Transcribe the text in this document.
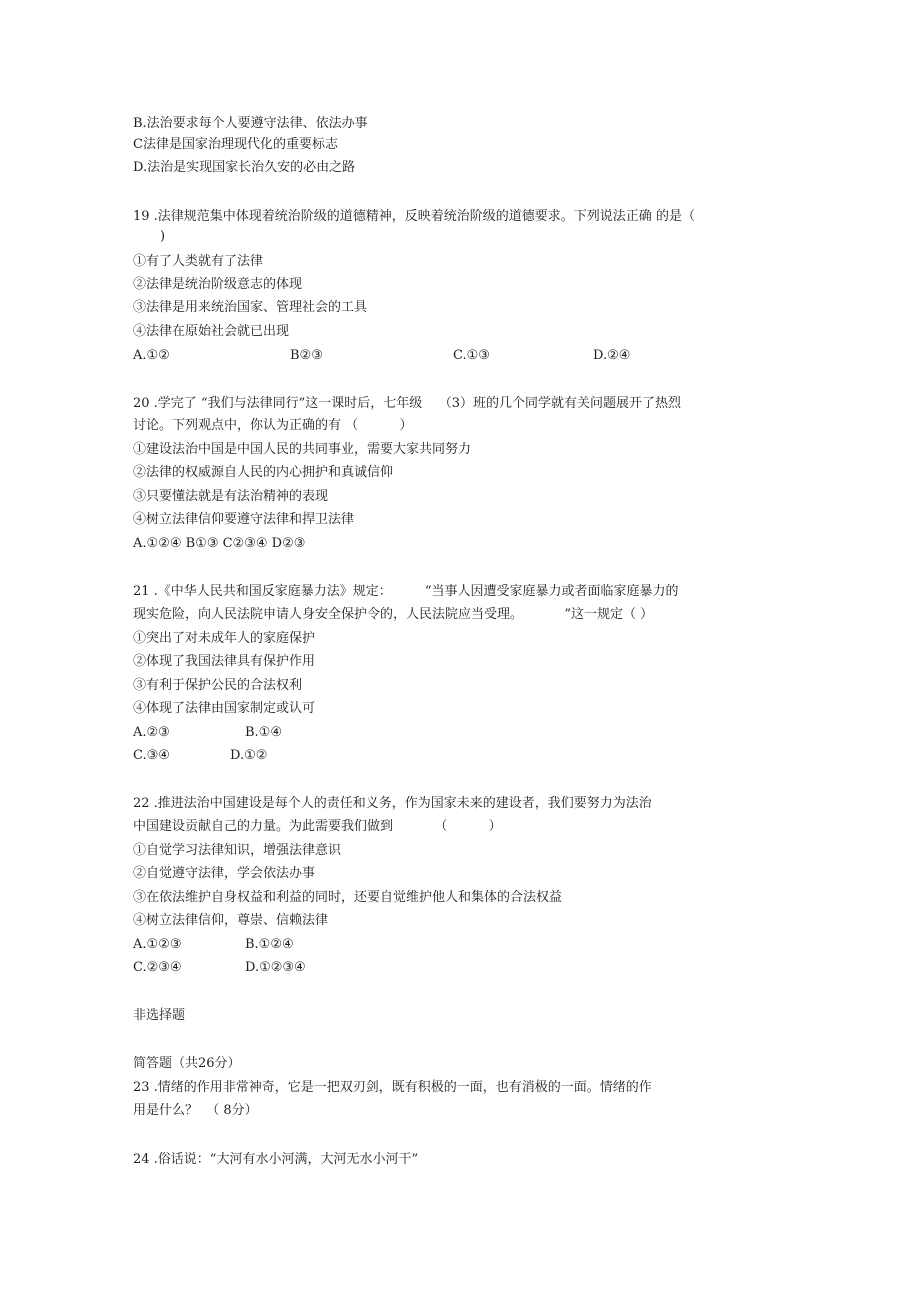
B.法治要求每个人要遵守法律、依法办事
C法律是国家治理现代化的重要标志
D.法治是实现国家长治久安的必由之路
19 .法律规范集中体现着统治阶级的道德精神，反映着统治阶级的道德要求。下列说法正确 的是（
)
①有了人类就有了法律
②法律是统治阶级意志的体现
③法律是用来统治国家、管理社会的工具
④法律在原始社会就已出现
A.①②	B②③	C.①③	D.②④
20 .学完了 “我们与法律同行”这一课时后，七年级    （3）班的几个同学就有关问题展开了热烈
讨论。下列观点中，你认为正确的有 （          ）
①建设法治中国是中国人民的共同事业，需要大家共同努力
②法律的权威源自人民的内心拥护和真诚信仰
③只要懂法就是有法治精神的表现
④树立法律信仰要遵守法律和捍卫法律
A.①②④ B①③ C②③④ D②③
21 .《中华人民共和国反家庭暴力法》规定：        “当事人因遭受家庭暴力或者面临家庭暴力的
现实危险，向人民法院申请人身安全保护令的，人民法院应当受理。          ”这一规定（ ）
①突出了对未成年人的家庭保护
②体现了我国法律具有保护作用
③有利于保护公民的合法权利
④体现了法律由国家制定或认可
A.②③	B.①④
C.③④	D.①②
22 .推进法治中国建设是每个人的责任和义务，作为国家未来的建设者，我们要努力为法治
中国建设贡献自己的力量。为此需要我们做到          （          ）
①自觉学习法律知识，增强法律意识
②自觉遵守法律，学会依法办事
③在依法维护自身权益和利益的同时，还要自觉维护他人和集体的合法权益
④树立法律信仰，尊崇、信赖法律
A.①②③	B.①②④
C.②③④	D.①②③④
非选择题
简答题（共26分）
23 .情绪的作用非常神奇，它是一把双刃剑，既有积极的一面，也有消极的一面。情绪的作
用是什么？  （ 8分）
24 .俗话说：“大河有水小河满，大河无水小河干”
